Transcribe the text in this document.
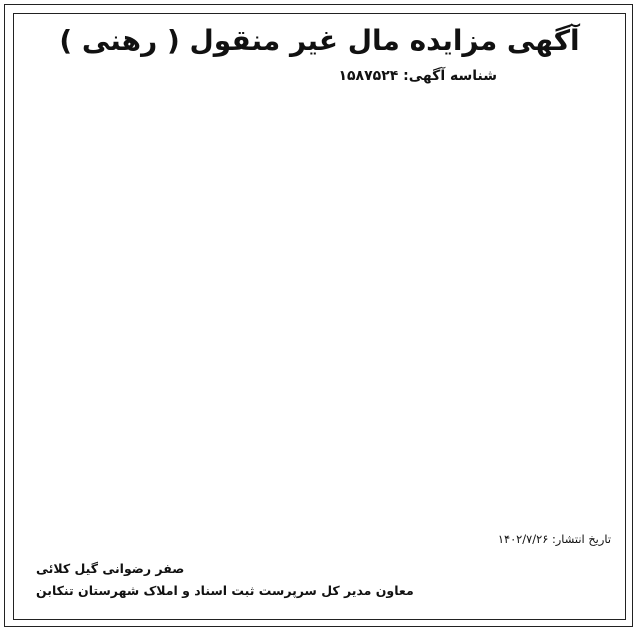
آگهی مزایده مال غیر منقول ( رهنی )
شناسه آگهی: ۱۵۸۷۵۲۴

تاریخ انتشار: ۱۴۰۲/۷/۲۶
صفر رضوانی گیل کلائی
معاون مدیر کل سرپرست ثبت اسناد و املاک شهرستان تنکابن
